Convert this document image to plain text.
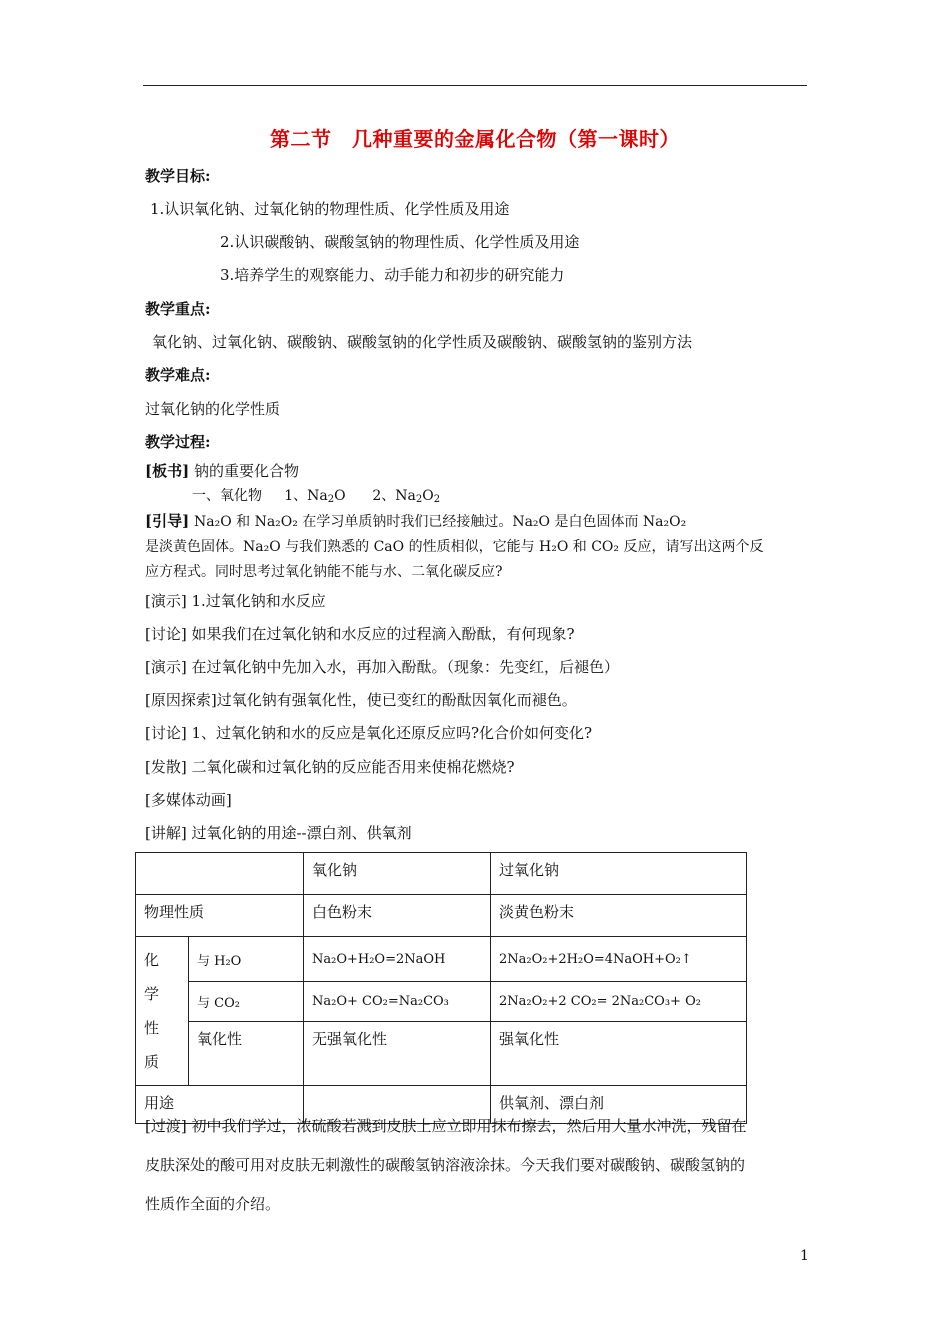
第二节　几种重要的金属化合物（第一课时）
教学目标:
1.认识氧化钠、过氧化钠的物理性质、化学性质及用途
2.认识碳酸钠、碳酸氢钠的物理性质、化学性质及用途
3.培养学生的观察能力、动手能力和初步的研究能力
教学重点:
氧化钠、过氧化钠、碳酸钠、碳酸氢钠的化学性质及碳酸钠、碳酸氢钠的鉴别方法
教学难点:
过氧化钠的化学性质
教学过程:
[板书] 钠的重要化合物
一、氧化物 1、$Na_2O$      2、$Na_2O_2$
[引导] Na₂O 和 Na₂O₂ 在学习单质钠时我们已经接触过。Na₂O 是白色固体而 Na₂O₂
是淡黄色固体。Na₂O 与我们熟悉的 CaO 的性质相似，它能与 H₂O 和 CO₂ 反应，请写出这两个反
应方程式。同时思考过氧化钠能不能与水、二氧化碳反应?
[演示] 1.过氧化钠和水反应
[讨论] 如果我们在过氧化钠和水反应的过程滴入酚酞，有何现象?
[演示] 在过氧化钠中先加入水，再加入酚酞。（现象：先变红，后褪色）
[原因探索]过氧化钠有强氧化性，使已变红的酚酞因氧化而褪色。
[讨论] 1、过氧化钠和水的反应是氧化还原反应吗?化合价如何变化?
[发散] 二氧化碳和过氧化钠的反应能否用来使棉花燃烧?
[多媒体动画]
[讲解] 过氧化钠的用途--漂白剂、供氧剂
		氧化钠	过氧化钠
物理性质		白色粉末	淡黄色粉末

化
学
性
质	与 H₂O	Na₂O+H₂O=2NaOH	2Na₂O₂+2H₂O=4NaOH+O₂↑
	与 CO₂	Na₂O+ CO₂=Na₂CO₃	2Na₂O₂+2 CO₂= 2Na₂CO₃+ O₂
	氧化性	无强氧化性	强氧化性
用途			供氧剂、漂白剂
[过渡] 初中我们学过，浓硫酸若溅到皮肤上应立即用抹布擦去，然后用大量水冲洗，残留在
皮肤深处的酸可用对皮肤无刺激性的碳酸氢钠溶液涂抹。今天我们要对碳酸钠、碳酸氢钠的
性质作全面的介绍。
1
